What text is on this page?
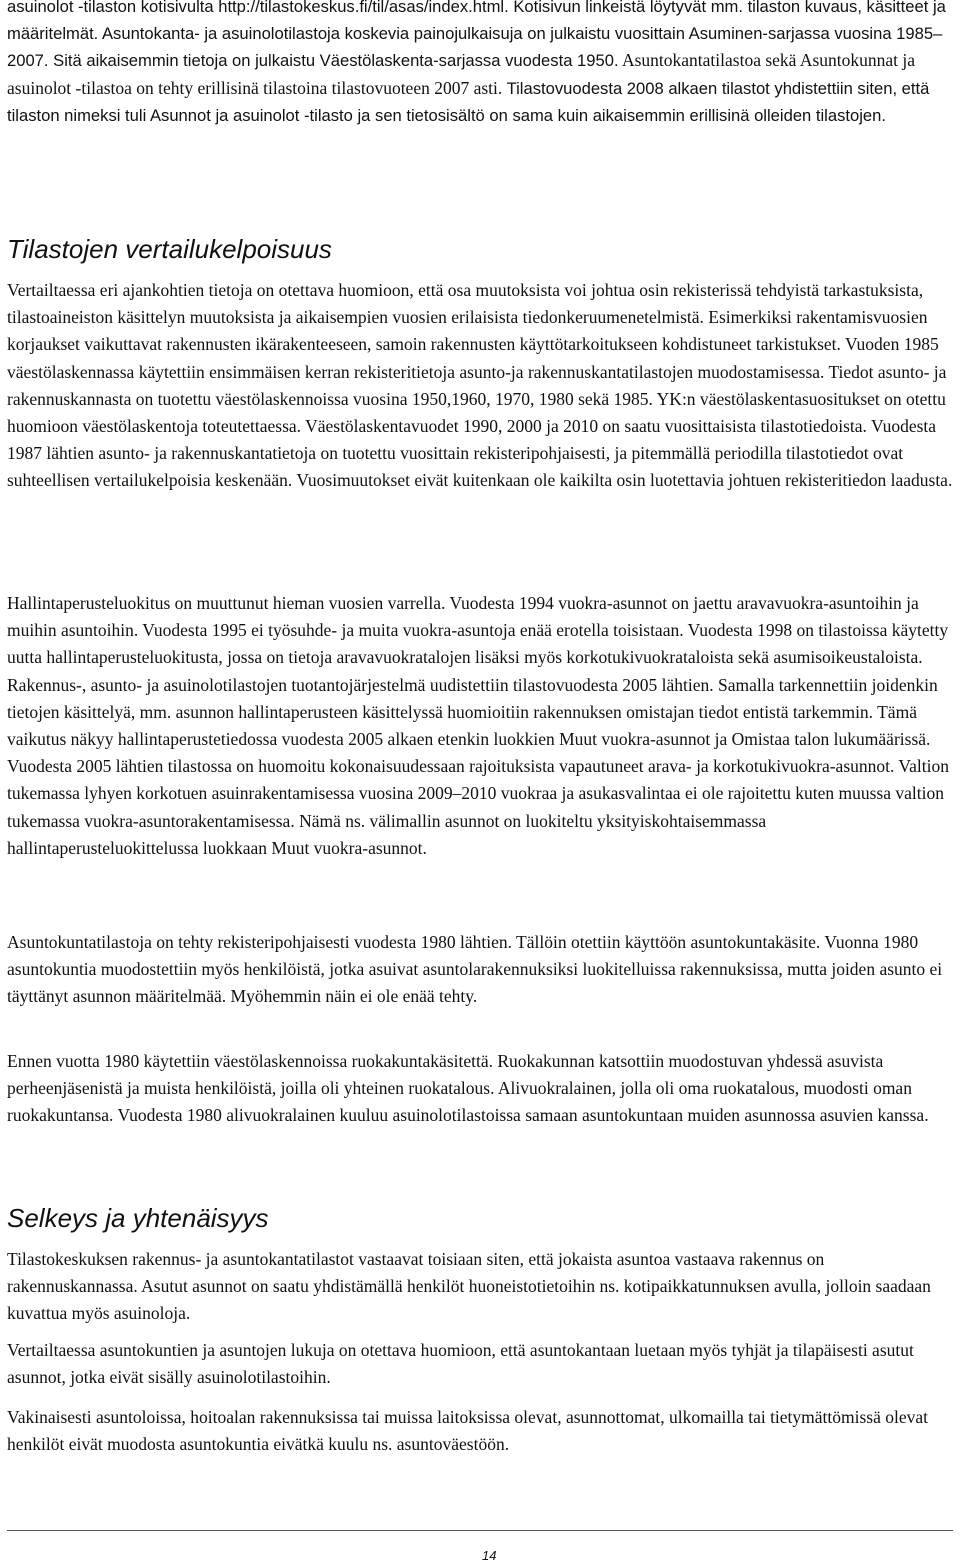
asuinolot -tilaston kotisivulta http://tilastokeskus.fi/til/asas/index.html. Kotisivun linkeistä löytyvät mm. tilaston kuvaus, käsitteet ja määritelmät. Asuntokanta- ja asuinolotilastoja koskevia painojulkaisuja on julkaistu vuosittain Asuminen-sarjassa vuosina 1985–2007. Sitä aikaisemmin tietoja on julkaistu Väestölaskenta-sarjassa vuodesta 1950. Asuntokantatilastoa sekä Asuntokunnat ja asuinolot -tilastoa on tehty erillisinä tilastoina tilastovuoteen 2007 asti. Tilastovuodesta 2008 alkaen tilastot yhdistettiin siten, että tilaston nimeksi tuli Asunnot ja asuinolot -tilasto ja sen tietosisältö on sama kuin aikaisemmin erillisinä olleiden tilastojen.

Tilastojen vertailukelpoisuus

Vertailtaessa eri ajankohtien tietoja on otettava huomioon, että osa muutoksista voi johtua osin rekisterissä tehdyistä tarkastuksista, tilastoaineiston käsittelyn muutoksista ja aikaisempien vuosien erilaisista tiedonkeruumenetelmistä. Esimerkiksi rakentamisvuosien korjaukset vaikuttavat rakennusten ikärakenteeseen, samoin rakennusten käyttötarkoitukseen kohdistuneet tarkistukset. Vuoden 1985 väestölaskennassa käytettiin ensimmäisen kerran rekisteritietoja asunto-ja rakennuskantatilastojen muodostamisessa. Tiedot asunto- ja rakennuskannasta on tuotettu väestölaskennoissa vuosina 1950,1960, 1970, 1980 sekä 1985. YK:n väestölaskentasuositukset on otettu huomioon väestölaskentoja toteutettaessa. Väestölaskentavuodet 1990, 2000 ja 2010 on saatu vuosittaisista tilastotiedoista. Vuodesta 1987 lähtien asunto- ja rakennuskantatietoja on tuotettu vuosittain rekisteripohjaisesti, ja pitemmällä periodilla tilastotiedot ovat suhteellisen vertailukelpoisia keskenään. Vuosimuutokset eivät kuitenkaan ole kaikilta osin luotettavia johtuen rekisteritiedon laadusta.

Hallintaperusteluokitus on muuttunut hieman vuosien varrella. Vuodesta 1994 vuokra-asunnot on jaettu aravavuokra-asuntoihin ja muihin asuntoihin. Vuodesta 1995 ei työsuhde- ja muita vuokra-asuntoja enää erotella toisistaan. Vuodesta 1998 on tilastoissa käytetty uutta hallintaperusteluokitusta, jossa on tietoja aravavuokratalojen lisäksi myös korkotukivuokrataloista sekä asumisoikeustaloista. Rakennus-, asunto- ja asuinolotilastojen tuotantojärjestelmä uudistettiin tilastovuodesta 2005 lähtien. Samalla tarkennettiin joidenkin tietojen käsittelyä, mm. asunnon hallintaperusteen käsittelyssä huomioitiin rakennuksen omistajan tiedot entistä tarkemmin. Tämä vaikutus näkyy hallintaperustetiedossa vuodesta 2005 alkaen etenkin luokkien Muut vuokra-asunnot ja Omistaa talon lukumäärissä. Vuodesta 2005 lähtien tilastossa on huomoitu kokonaisuudessaan rajoituksista vapautuneet arava- ja korkotukivuokra-asunnot. Valtion tukemassa lyhyen korkotuen asuinrakentamisessa vuosina 2009–2010 vuokraa ja asukasvalintaa ei ole rajoitettu kuten muussa valtion tukemassa vuokra-asuntorakentamisessa. Nämä ns. välimallin asunnot on luokiteltu yksityiskohtaisemmassa hallintaperusteluokittelussa luokkaan Muut vuokra-asunnot.

Asuntokuntatilastoja on tehty rekisteripohjaisesti vuodesta 1980 lähtien. Tällöin otettiin käyttöön asuntokuntakäsite. Vuonna 1980 asuntokuntia muodostettiin myös henkilöistä, jotka asuivat asuntolarakennuksiksi luokitelluissa rakennuksissa, mutta joiden asunto ei täyttänyt asunnon määritelmää. Myöhemmin näin ei ole enää tehty.

Ennen vuotta 1980 käytettiin väestölaskennoissa ruokakuntakäsitettä. Ruokakunnan katsottiin muodostuvan yhdessä asuvista perheenjäsenistä ja muista henkilöistä, joilla oli yhteinen ruokatalous. Alivuokralainen, jolla oli oma ruokatalous, muodosti oman ruokakuntansa. Vuodesta 1980 alivuokralainen kuuluu asuinolotilastoissa samaan asuntokuntaan muiden asunnossa asuvien kanssa.

Selkeys ja yhtenäisyys

Tilastokeskuksen rakennus- ja asuntokantatilastot vastaavat toisiaan siten, että jokaista asuntoa vastaava rakennus on rakennuskannassa. Asutut asunnot on saatu yhdistämällä henkilöt huoneistotietoihin ns. kotipaikkatunnuksen avulla, jolloin saadaan kuvattua myös asuinoloja.

Vertailtaessa asuntokuntien ja asuntojen lukuja on otettava huomioon, että asuntokantaan luetaan myös tyhjät ja tilapäisesti asutut asunnot, jotka eivät sisälly asuinolotilastoihin.

Vakinaisesti asuntoloissa, hoitoalan rakennuksissa tai muissa laitoksissa olevat, asunnottomat, ulkomailla tai tietymättömissä olevat henkilöt eivät muodosta asuntokuntia eivätkä kuulu ns. asuntoväestöön.

14
